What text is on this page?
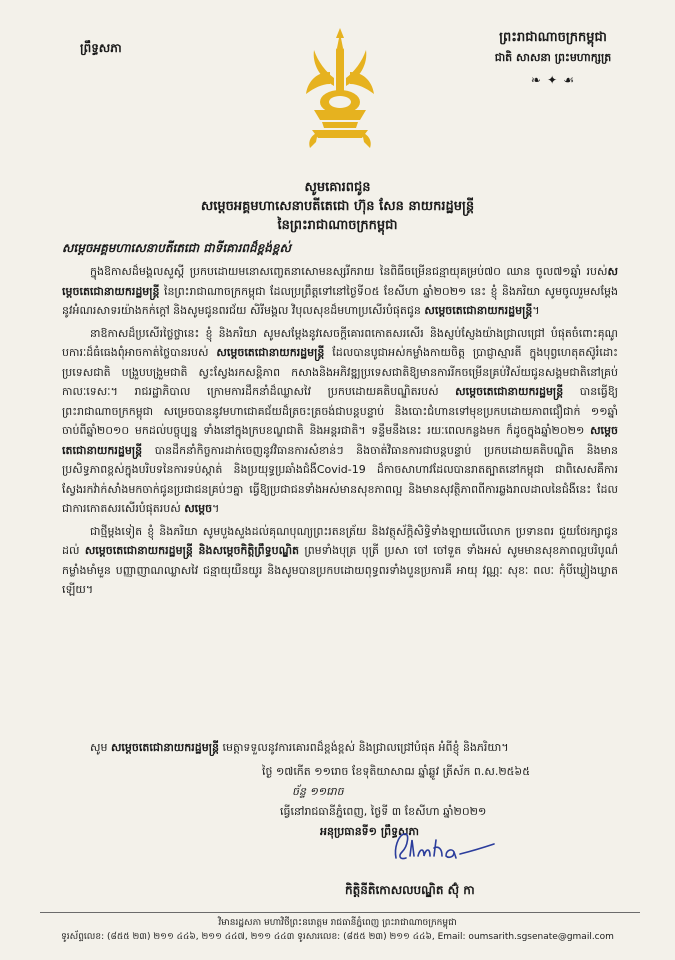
ព្រឹទ្ធសភា
ព្រះរាជាណាចក្រកម្ពុជា
ជាតិ សាសនា ព្រះមហាក្សត្រ
❧ ✦ ☙
សូមគោរពជូន
សម្តេចអគ្គមហាសេនាបតីតេជោ ហ៊ុន សែន នាយករដ្ឋមន្ត្រី
នៃព្រះរាជាណាចក្រកម្ពុជា
សម្តេចអគ្គមហាសេនាបតីតេជោ ជាទីគោរពដ៏ខ្ពង់ខ្ពស់

ក្នុងឱកាសដ៏មង្គលសួស្តី ប្រកបដោយមនោសញ្ចេតនាសោមនស្សរីករាយ នៃពិធីចម្រើនជន្មាយុគម្រប់៧០ ឈាន ចូល៧១ឆ្នាំ របស់សម្តេចតេជោនាយករដ្ឋមន្ត្រី នៃព្រះរាជាណាចក្រកម្ពុជា ដែលប្រព្រឹត្តទៅនៅថ្ងៃទី០៥ ខែសីហា ឆ្នាំ២០២១ នេះ ខ្ញុំ និងភរិយា សូមចូលរួមសម្តែងនូវអំណរសាទរយ៉ាងកក់ក្តៅ និងសូមជូនពរជ័យ សិរីមង្គល វិបុលសុខដ៏មហាប្រសើរបំផុតជូន សម្តេចតេជោនាយករដ្ឋមន្ត្រី។

នាឱកាសដ៏ប្រសើរថ្លៃថ្លានេះ ខ្ញុំ និងភរិយា សូមសម្តែងនូវសេចក្តីគោរពកោតសរសើរ និងស្ញប់ស្ញែងយ៉ាងជ្រាលជ្រៅ បំផុតចំពោះគុណូបការៈដ៏ធំធេងពុំអាចកាត់ថ្លៃបានរបស់ សម្តេចតេជោនាយករដ្ឋមន្ត្រី ដែលបានបូជាអស់កម្លាំងកាយចិត្ត ប្រាជ្ញាស្មារតី ក្នុងបុព្វហេតុតស៊ូរំដោះប្រទេសជាតិ បង្រួបបង្រួមជាតិ ស្វះស្វែងរកសន្តិភាព កសាងនិងអភិវឌ្ឍប្រទេសជាតិឱ្យមានការរីកចម្រើនគ្រប់វិស័យជូនសង្គមជាតិនៅគ្រប់កាលៈទេសៈ។ រាជរដ្ឋាភិបាល ក្រោមការដឹកនាំដ៏ឈ្លាសវៃ ប្រកបដោយគតិបណ្ឌិតរបស់ សម្តេចតេជោនាយករដ្ឋមន្ត្រី បានធ្វើឱ្យព្រះរាជាណាចក្រកម្ពុជា សម្រេចបាននូវមហាជោគជ័យដ៏ត្រចះត្រចង់ជាបន្តបន្ទាប់ និងបោះជំហានទៅមុខប្រកបដោយភាពជឿជាក់ ១១ឆ្នាំ ចាប់ពីឆ្នាំ២០១០ មកដល់បច្ចុប្បន្ន ទាំងនៅក្នុងក្របខណ្ឌជាតិ និងអន្តរជាតិ។ ទន្ទឹមនឹងនេះ រយៈពេលកន្លងមក ក៏ដូចក្នុងឆ្នាំ២០២១ សម្តេចតេជោនាយករដ្ឋមន្ត្រី បានដឹកនាំកិច្ចការដាក់ចេញនូវវិធានការសំខាន់ៗ និងចាត់វិធានការជាបន្តបន្ទាប់ ប្រកបដោយគតិបណ្ឌិត និងមានប្រសិទ្ធភាពខ្ពស់ក្នុងបរិបទនៃការទប់ស្កាត់ និងប្រយុទ្ធប្រឆាំងជំងឺCovid-19 ដ៏កាចសាហាវដែលបានរាតត្បាតនៅកម្ពុជា ជាពិសេសគឺការស្វែងរកវ៉ាក់សាំងមកចាក់ជូនប្រជាជនគ្រប់ៗគ្នា ធ្វើឱ្យប្រជាជនទាំងអស់មានសុខភាពល្អ និងមានសុវត្ថិភាពពីការឆ្លងរាលដាលនៃជំងឺនេះ ដែលជាការកោតសរសើរបំផុតរបស់ សម្តេច។

ជាថ្មីម្តងទៀត ខ្ញុំ និងភរិយា សូមបួងសួងដល់គុណបុណ្យព្រះរតនត្រ័យ និងវត្ថុស័ក្តិសិទ្ធិទាំងឡាយលើលោក ប្រទានពរ ជួយថែរក្សាជូនដល់ សម្តេចតេជោនាយករដ្ឋមន្ត្រី និងសម្តេចកិត្តិព្រឹទ្ធបណ្ឌិត ព្រមទាំងបុត្រ បុត្រី ប្រសា ចៅ ចៅទួត ទាំងអស់ សូមមានសុខភាពល្អបរិបូណ៌ កម្លាំងមាំមួន បញ្ញាញាណឈ្លាសវៃ ជន្មាយុយឺនយូរ និងសូមបានប្រកបដោយពុទ្ធពរទាំងបួនប្រការគឺ អាយុ វណ្ណៈ សុខៈ ពលៈ កុំបីឃ្លៀងឃ្លាតឡើយ។

សូម សម្តេចតេជោនាយករដ្ឋមន្ត្រី មេត្តាទទួលនូវការគោរពដ៏ខ្ពង់ខ្ពស់ និងជ្រាលជ្រៅបំផុត អំពីខ្ញុំ និងភរិយា។
ថ្ងៃ ១៧កើត ១១រោច ខែទុតិយាសាឍ ឆ្នាំឆ្លូវ ត្រីស័ក ព.ស.២៥៦៥
ច័ន្ទ ១១រោច
ធ្វើនៅរាជធានីភ្នំពេញ, ថ្ងៃទី ៣ ខែសីហា ឆ្នាំ២០២១
អនុប្រធានទី១ ព្រឹទ្ធសភា
កិត្តិនីតិកោសលបណ្ឌិត ស៊ុំ កា
វិមានរដ្ឋសភា មហាវិថីព្រះនរោត្តម រាជធានីភ្នំពេញ ព្រះរាជាណាចក្រកម្ពុជា
ទូរស័ព្ទលេខ: (៨៥៥ ២៣) ២១១ ៤៤៦, ២១១ ៤៤៧, ២១១ ៤៤៣ ទូរសារលេខ: (៨៥៥ ២៣) ២១១ ៤៤៦, Email: oumsarith.sgsenate@gmail.com
